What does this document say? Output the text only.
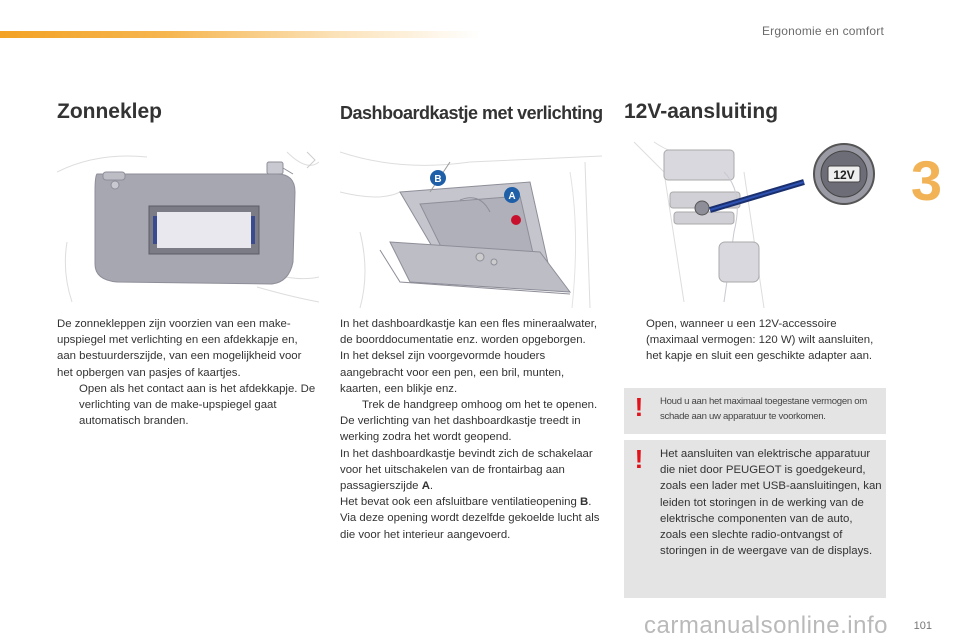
Ergonomie en comfort
3
Zonneklep	Dashboardkastje met verlichting 12V-aansluiting
B
A
12V

De zonnekleppen zijn voorzien van een make-upspiegel met verlichting en een afdekkapje en, aan bestuurderszijde, van een mogelijkheid voor het opbergen van pasjes of kaartjes.

Open als het contact aan is het afdekkapje. De verlichting van de make-upspiegel gaat automatisch branden.

In het dashboardkastje kan een fles mineraalwater, de boorddocumentatie enz. worden opgeborgen.

In het deksel zijn voorgevormde houders aangebracht voor een pen, een bril, munten, kaarten, een blikje enz.

Trek de handgreep omhoog om het te openen.

De verlichting van het dashboardkastje treedt in werking zodra het wordt geopend.

In het dashboardkastje bevindt zich de schakelaar voor het uitschakelen van de frontairbag aan passagierszijde A.

Het bevat ook een afsluitbare ventilatieopening B. Via deze opening wordt dezelfde gekoelde lucht als die voor het interieur aangevoerd.

Open, wanneer u een 12V-accessoire (maximaal vermogen: 120 W) wilt aansluiten, het kapje en sluit een geschikte adapter aan.
! Houd u aan het maximaal toegestane vermogen om schade aan uw apparatuur te voorkomen.
! Het aansluiten van elektrische apparatuur die niet door PEUGEOT is goedgekeurd, zoals een lader met USB-aansluitingen, kan leiden tot storingen in de werking van de elektrische componenten van de auto, zoals een slechte radio-ontvangst of storingen in de weergave van de displays.
101
carmanualsonline.info
